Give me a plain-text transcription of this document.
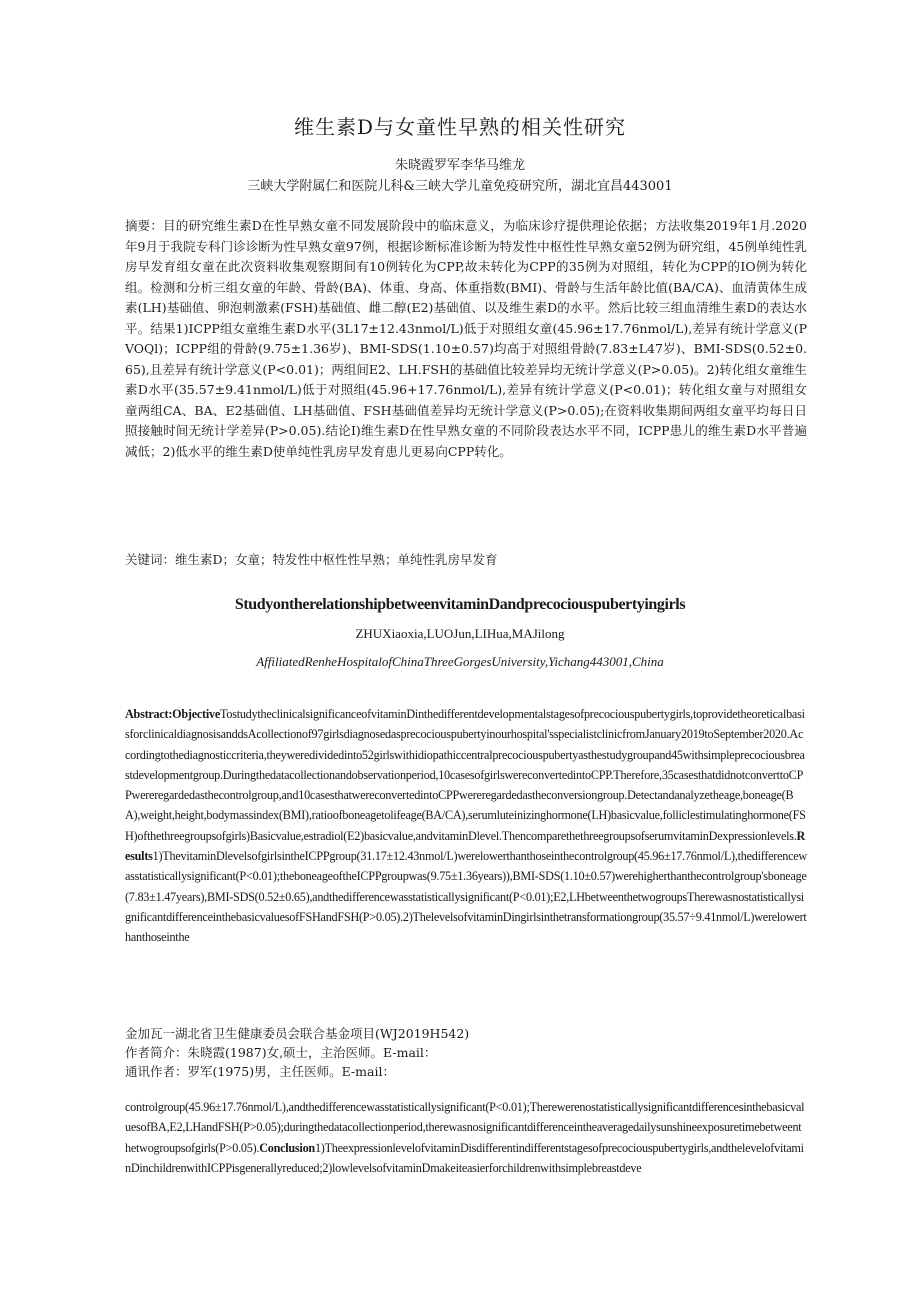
维生素D与女童性早熟的相关性研究
朱晓霞罗军李华马维龙
三峡大学附属仁和医院儿科&三峡大学儿童免疫研究所，湖北宜昌443001
摘要：目的研究维生素D在性早熟女童不同发展阶段中的临床意义，为临床诊疗提供理论依据；方法收集2019年1月.2020年9月于我院专科门诊诊断为性早熟女童97例，根据诊断标准诊断为特发性中枢性性早熟女童52例为研究组，45例单纯性乳房早发育组女童在此次资料收集观察期间有10例转化为CPP,故未转化为CPP的35例为对照组，转化为CPP的IO例为转化组。检测和分析三组女童的年龄、骨龄(BA)、体重、身高、体重指数(BMI)、骨龄与生活年龄比值(BA/CA)、血清黄体生成素(LH)基础值、卵泡刺激素(FSH)基础值、雌二醇(E2)基础值、以及维生素D的水平。然后比较三组血清维生素D的表达水平。结果1)ICPP组女童维生素D水平(3L17±12.43nmol/L)低于对照组女童(45.96±17.76nmol/L),差异有统计学意义(PVOQl)；ICPP组的骨龄(9.75±1.36岁)、BMI-SDS(1.10±0.57)均高于对照组骨龄(7.83±L47岁)、BMI-SDS(0.52±0.65),且差异有统计学意义(P<0.01)；两组间E2、LH.FSH的基础值比较差异均无统计学意义(P>0.05)。2)转化组女童维生素D水平(35.57±9.41nmol/L)低于对照组(45.96+17.76nmol/L),差异有统计学意义(P<0.01)；转化组女童与对照组女童两组CA、BA、E2基础值、LH基础值、FSH基础值差异均无统计学意义(P>0.05);在资料收集期间两组女童平均每日日照接触时间无统计学差异(P>0.05).结论I)维生素D在性早熟女童的不同阶段表达水平不同，ICPP患儿的维生素D水平普遍减低；2)低水平的维生素D使单纯性乳房早发育患儿更易向CPP转化。
关键词：维生素D；女童；特发性中枢性性早熟；单纯性乳房早发育
StudyontherelationshipbetweenvitaminDandprecociouspubertyingirls
ZHUXiaoxia,LUOJun,LIHua,MAJilong
AffiliatedRenheHospitalofChinaThreeGorgesUniversity,Yichang443001,China
Abstract:ObjectiveTostudytheclinicalsignificanceofvitaminDinthedifferentdevelopmentalstagesofprecociouspubertygirls,toprovidetheoreticalbasisforclinicaldiagnosisanddsAcollectionof97girlsdiagnosedasprecociouspubertyinourhospital'sspecialistclinicfromJanuary2019toSeptember2020.Accordingtothediagnosticcriteria,theyweredividedinto52girlswithidiopathiccentralprecociouspubertyasthestudygroupand45withsimpleprecociousbreastdevelopmentgroup.Duringthedatacollectionandobservationperiod,10casesofgirlswereconvertedintoCPP.Therefore,35casesthatdidnotconverttoCPPwereregardedasthecontrolgroup,and10casesthatwereconvertedintoCPPwereregardedastheconversiongroup.Detectandanalyzetheage,boneage(BA),weight,height,bodymassindex(BMI),ratioofboneagetolifeage(BA/CA),serumluteinizinghormone(LH)basicvalue,folliclestimulatinghormone(FSH)ofthethreegroupsofgirls)Basicvalue,estradiol(E2)basicvalue,andvitaminDlevel.ThencomparethethreegroupsofserumvitaminDexpressionlevels.Results1)ThevitaminDlevelsofgirlsintheICPPgroup(31.17±12.43nmol/L)werelowerthanthoseinthecontrolgroup(45.96±17.76nmol/L),thedifferencewasstatisticallysignificant(P<0.01);theboneageoftheICPPgroupwas(9.75±1.36years)),BMI-SDS(1.10±0.57)werehigherthanthecontrolgroup'sboneage(7.83±1.47years),BMI-SDS(0.52±0.65),andthedifferencewasstatisticallysignificant(P<0.01);E2,LHbetweenthetwogroupsTherewasnostatisticallysignificantdifferenceinthebasicvaluesofFSHandFSH(P>0.05).2)ThelevelsofvitaminDingirlsinthetransformationgroup(35.57÷9.41nmol/L)werelowerthanthoseinthe
金加瓦一湖北省卫生健康委员会联合基金项目(WJ2019H542)
作者简介：朱晓霞(1987)女,硕士，主治医师。E-mail：
通讯作者：罗军(1975)男，主任医师。E-mail：
controlgroup(45.96±17.76nmol/L),andthedifferencewasstatisticallysignificant(P<0.01);TherewerenostatisticallysignificantdifferencesinthebasicvaluesofBA,E2,LHandFSH(P>0.05);duringthedatacollectionperiod,therewasnosignificantdifferenceintheaveragedailysunshineexposuretimebetweenthetwogroupsofgirls(P>0.05).Conclusion1)TheexpressionlevelofvitaminDisdifferentindifferentstagesofprecociouspubertygirls,andthelevelofvitaminDinchildrenwithICPPisgenerallyreduced;2)lowlevelsofvitaminDmakeiteasierforchildrenwithsimplebreastdeve
